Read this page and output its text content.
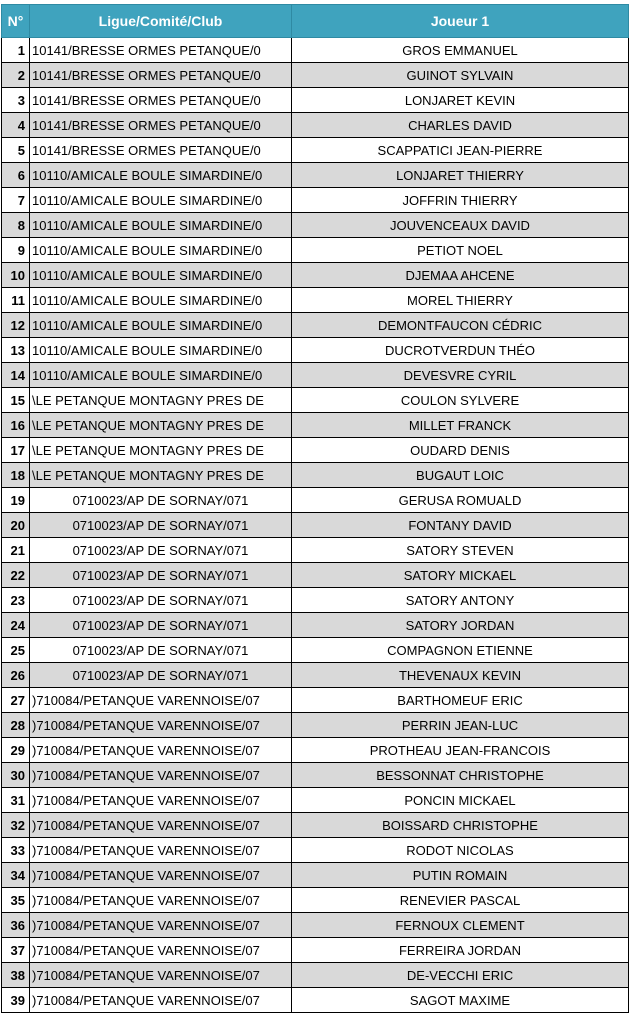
N°	Ligue/Comité/Club	Joueur 1
1	10141/BRESSE ORMES PETANQUE/0	GROS EMMANUEL
2	10141/BRESSE ORMES PETANQUE/0	GUINOT SYLVAIN
3	10141/BRESSE ORMES PETANQUE/0	LONJARET KEVIN
4	10141/BRESSE ORMES PETANQUE/0	CHARLES DAVID
5	10141/BRESSE ORMES PETANQUE/0	SCAPPATICI JEAN-PIERRE
6	10110/AMICALE BOULE SIMARDINE/0	LONJARET THIERRY
7	10110/AMICALE BOULE SIMARDINE/0	JOFFRIN THIERRY
8	10110/AMICALE BOULE SIMARDINE/0	JOUVENCEAUX DAVID
9	10110/AMICALE BOULE SIMARDINE/0	PETIOT NOEL
10	10110/AMICALE BOULE SIMARDINE/0	DJEMAA AHCENE
11	10110/AMICALE BOULE SIMARDINE/0	MOREL THIERRY
12	10110/AMICALE BOULE SIMARDINE/0	DEMONTFAUCON CÉDRIC
13	10110/AMICALE BOULE SIMARDINE/0	DUCROTVERDUN THÉO
14	10110/AMICALE BOULE SIMARDINE/0	DEVESVRE CYRIL
15	\LE PETANQUE MONTAGNY PRES DE	COULON SYLVERE
16	\LE PETANQUE MONTAGNY PRES DE	MILLET FRANCK
17	\LE PETANQUE MONTAGNY PRES DE	OUDARD DENIS
18	\LE PETANQUE MONTAGNY PRES DE	BUGAUT LOIC
19	0710023/AP DE SORNAY/071	GERUSA ROMUALD
20	0710023/AP DE SORNAY/071	FONTANY DAVID
21	0710023/AP DE SORNAY/071	SATORY STEVEN
22	0710023/AP DE SORNAY/071	SATORY MICKAEL
23	0710023/AP DE SORNAY/071	SATORY ANTONY
24	0710023/AP DE SORNAY/071	SATORY JORDAN
25	0710023/AP DE SORNAY/071	COMPAGNON ETIENNE
26	0710023/AP DE SORNAY/071	THEVENAUX KEVIN
27	)710084/PETANQUE VARENNOISE/07	BARTHOMEUF ERIC
28	)710084/PETANQUE VARENNOISE/07	PERRIN JEAN-LUC
29	)710084/PETANQUE VARENNOISE/07	PROTHEAU JEAN-FRANCOIS
30	)710084/PETANQUE VARENNOISE/07	BESSONNAT CHRISTOPHE
31	)710084/PETANQUE VARENNOISE/07	PONCIN MICKAEL
32	)710084/PETANQUE VARENNOISE/07	BOISSARD CHRISTOPHE
33	)710084/PETANQUE VARENNOISE/07	RODOT NICOLAS
34	)710084/PETANQUE VARENNOISE/07	PUTIN ROMAIN
35	)710084/PETANQUE VARENNOISE/07	RENEVIER PASCAL
36	)710084/PETANQUE VARENNOISE/07	FERNOUX CLEMENT
37	)710084/PETANQUE VARENNOISE/07	FERREIRA JORDAN
38	)710084/PETANQUE VARENNOISE/07	DE-VECCHI ERIC
39	)710084/PETANQUE VARENNOISE/07	SAGOT MAXIME
